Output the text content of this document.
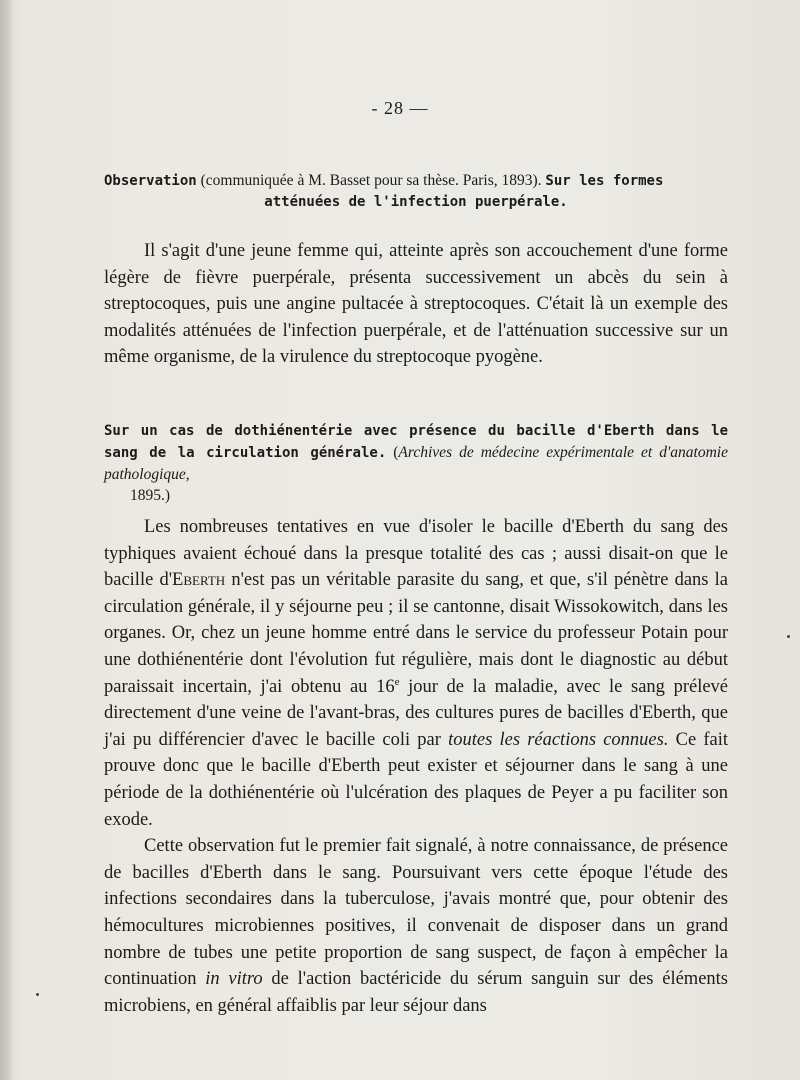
- 28 —
Observation (communiquée à M. Basset pour sa thèse. Paris, 1893). Sur les formes
atténuées de l'infection puerpérale.

Il s'agit d'une jeune femme qui, atteinte après son accouchement d'une forme légère de fièvre puerpérale, présenta successivement un abcès du sein à streptocoques, puis une angine pultacée à streptocoques. C'était là un exemple des modalités atténuées de l'infection puerpérale, et de l'atténuation successive sur un même organisme, de la virulence du streptocoque pyogène.

Sur un cas de dothiénentérie avec présence du bacille d'Eberth dans le sang de la circulation générale. (Archives de médecine expérimentale et d'anatomie pathologique,
1895.)

Les nombreuses tentatives en vue d'isoler le bacille d'Eberth du sang des typhiques avaient échoué dans la presque totalité des cas ; aussi disait-on que le bacille d'Eberth n'est pas un véritable parasite du sang, et que, s'il pénètre dans la circulation générale, il y séjourne peu ; il se cantonne, disait Wissokowitch, dans les organes. Or, chez un jeune homme entré dans le service du professeur Potain pour une dothiénentérie dont l'évolution fut régulière, mais dont le diagnostic au début paraissait incertain, j'ai obtenu au 16e jour de la maladie, avec le sang prélevé directement d'une veine de l'avant-bras, des cultures pures de bacilles d'Eberth, que j'ai pu différencier d'avec le bacille coli par toutes les réactions connues. Ce fait prouve donc que le bacille d'Eberth peut exister et séjourner dans le sang à une période de la dothiénentérie où l'ulcération des plaques de Peyer a pu faciliter son exode.

Cette observation fut le premier fait signalé, à notre connaissance, de présence de bacilles d'Eberth dans le sang. Poursuivant vers cette époque l'étude des infections secondaires dans la tuberculose, j'avais montré que, pour obtenir des hémocultures microbiennes positives, il convenait de disposer dans un grand nombre de tubes une petite proportion de sang suspect, de façon à empêcher la continuation in vitro de l'action bactéricide du sérum sanguin sur des éléments microbiens, en général affaiblis par leur séjour dans
